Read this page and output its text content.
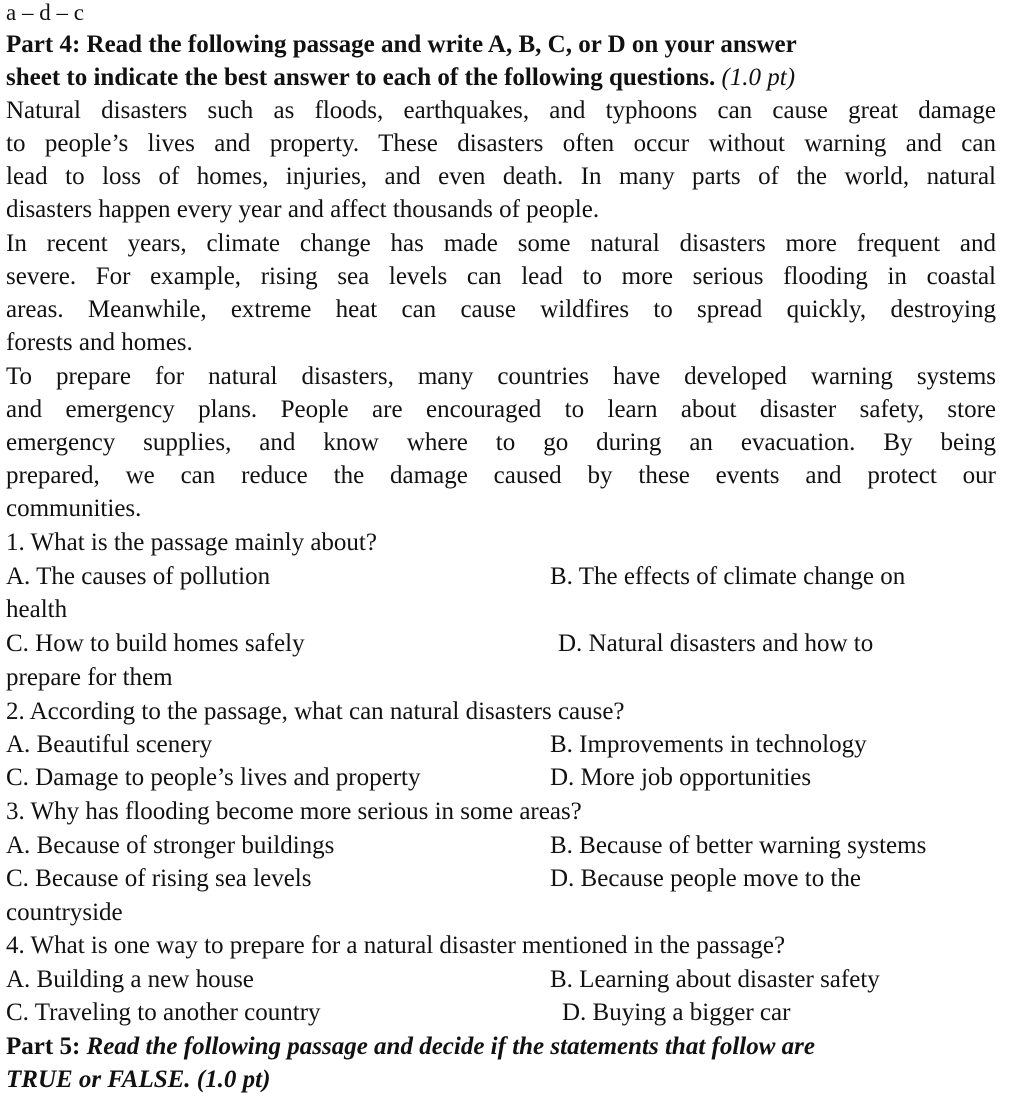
a – d – c
Part 4: Read the following passage and write A, B, C, or D on your answer
sheet to indicate the best answer to each of the following questions. (1.0 pt)
Natural disasters such as floods, earthquakes, and typhoons can cause great damage
to people’s lives and property. These disasters often occur without warning and can
lead to loss of homes, injuries, and even death. In many parts of the world, natural
disasters happen every year and affect thousands of people.
In recent years, climate change has made some natural disasters more frequent and
severe. For example, rising sea levels can lead to more serious flooding in coastal
areas. Meanwhile, extreme heat can cause wildfires to spread quickly, destroying
forests and homes.
To prepare for natural disasters, many countries have developed warning systems
and emergency plans. People are encouraged to learn about disaster safety, store
emergency supplies, and know where to go during an evacuation. By being
prepared, we can reduce the damage caused by these events and protect our
communities.
1. What is the passage mainly about?
A. The causes of pollution	B. The effects of climate change on
health
C. How to build homes safely	D. Natural disasters and how to
prepare for them
2. According to the passage, what can natural disasters cause?
A. Beautiful scenery	B. Improvements in technology
C. Damage to people’s lives and property	D. More job opportunities
3. Why has flooding become more serious in some areas?
A. Because of stronger buildings	B. Because of better warning systems
C. Because of rising sea levels	D. Because people move to the
countryside
4. What is one way to prepare for a natural disaster mentioned in the passage?
A. Building a new house	B. Learning about disaster safety
C. Traveling to another country	D. Buying a bigger car
Part 5: Read the following passage and decide if the statements that follow are
TRUE or FALSE. (1.0 pt)
